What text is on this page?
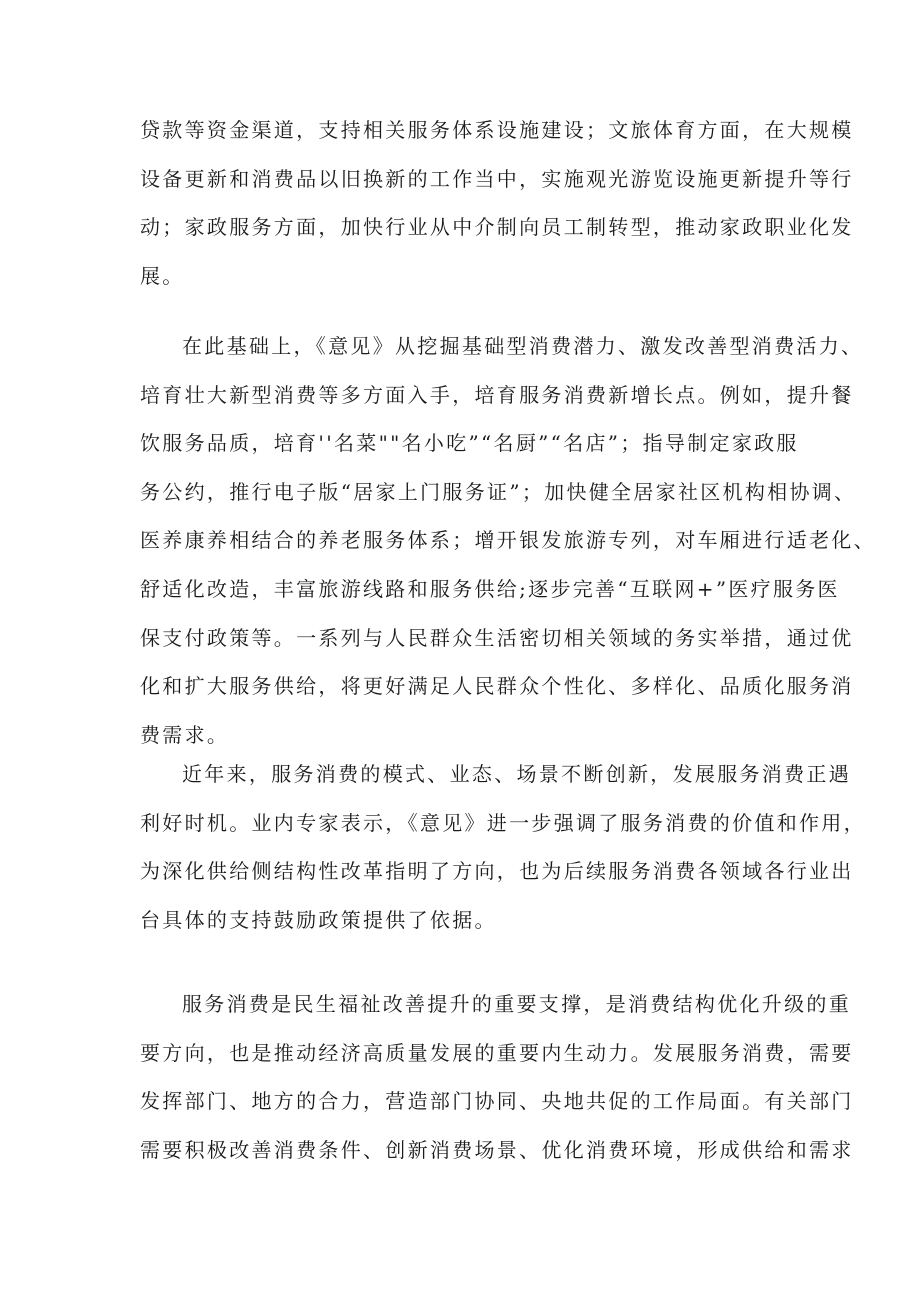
贷款等资金渠道，支持相关服务体系设施建设；文旅体育方面，在大规模
设备更新和消费品以旧换新的工作当中，实施观光游览设施更新提升等行
动；家政服务方面，加快行业从中介制向员工制转型，推动家政职业化发
展。
在此基础上，《意见》从挖掘基础型消费潜力、激发改善型消费活力、
培育壮大新型消费等多方面入手，培育服务消费新增长点。例如，提升餐
饮服务品质，培育''名菜""名小吃”“名厨”“名店”；指导制定家政服
务公约，推行电子版“居家上门服务证”；加快健全居家社区机构相协调、
医养康养相结合的养老服务体系；增开银发旅游专列，对车厢进行适老化、
舒适化改造，丰富旅游线路和服务供给;逐步完善“互联网+”医疗服务医
保支付政策等。一系列与人民群众生活密切相关领域的务实举措，通过优
化和扩大服务供给，将更好满足人民群众个性化、多样化、品质化服务消
费需求。
近年来，服务消费的模式、业态、场景不断创新，发展服务消费正遇
利好时机。业内专家表示，《意见》进一步强调了服务消费的价值和作用，
为深化供给侧结构性改革指明了方向，也为后续服务消费各领域各行业出
台具体的支持鼓励政策提供了依据。
服务消费是民生福祉改善提升的重要支撑，是消费结构优化升级的重
要方向，也是推动经济高质量发展的重要内生动力。发展服务消费，需要
发挥部门、地方的合力，营造部门协同、央地共促的工作局面。有关部门
需要积极改善消费条件、创新消费场景、优化消费环境，形成供给和需求
